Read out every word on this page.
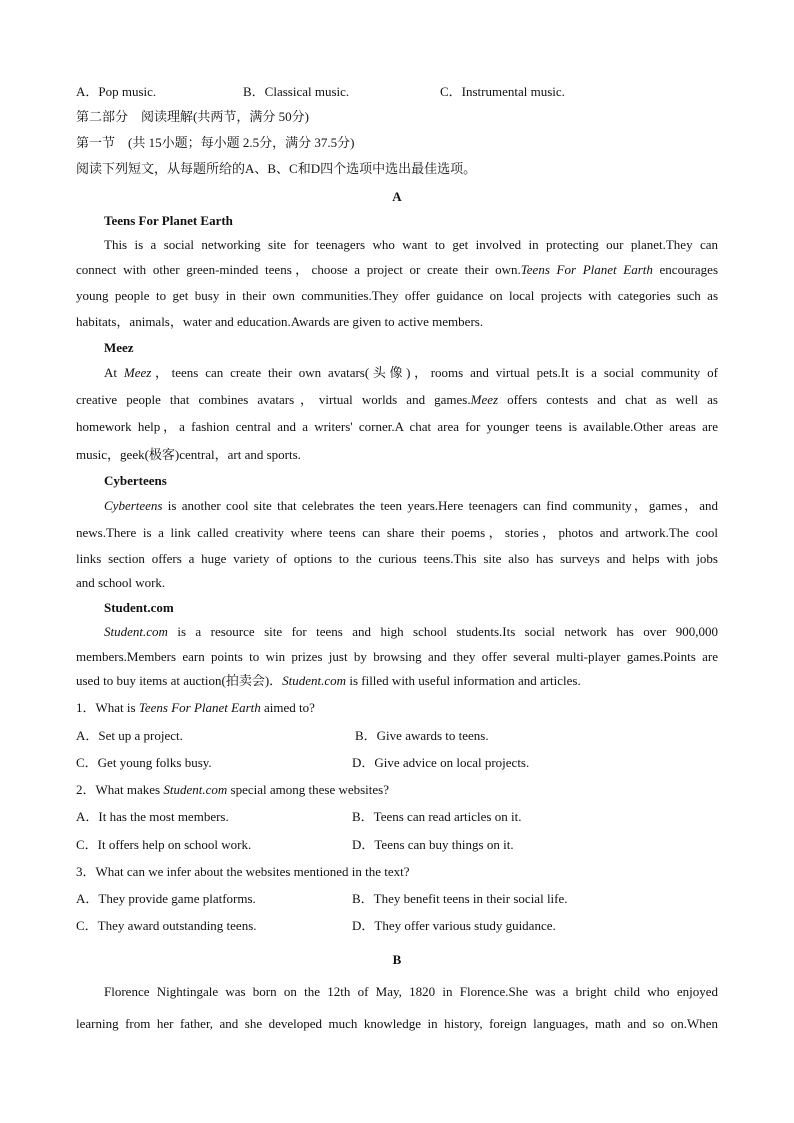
A．Pop music.	B．Classical music.	C．Instrumental music.
第二部分　阅读理解(共两节，满分 50分)
第一节　(共 15小题；每小题 2.5分，满分 37.5分)
阅读下列短文，从每题所给的A、B、C和D四个选项中选出最佳选项。
A
Teens For Planet Earth
This is a social networking site for teenagers who want to get involved in protecting our planet.They can
connect with other green-minded teens，choose a project or create their own.Teens For Planet Earth encourages
young people to get busy in their own communities.They offer guidance on local projects with categories such as
habitats，animals，water and education.Awards are given to active members.
Meez
At Meez，teens can create their own avatars(头像)，rooms and virtual pets.It is a social community of
creative people that combines avatars，virtual worlds and games.Meez offers contests and chat as well as
homework help，a fashion central and a writers' corner.A chat area for younger teens is available.Other areas are
music，geek(极客)central，art and sports.
Cyberteens
Cyberteens is another cool site that celebrates the teen years.Here teenagers can find community，games，and
news.There is a link called creativity where teens can share their poems，stories，photos and artwork.The cool
links section offers a huge variety of options to the curious teens.This site also has surveys and helps with jobs
and school work.
Student.com
Student.com is a resource site for teens and high school students.Its social network has over 900,000
members.Members earn points to win prizes just by browsing and they offer several multi-player games.Points are
used to buy items at auction(拍卖会)．Student.com is filled with useful information and articles.
1．What is Teens For Planet Earth aimed to?
A．Set up a project.	B．Give awards to teens.
C．Get young folks busy.	D．Give advice on local projects.
2．What makes Student.com special among these websites?
A．It has the most members.	B．Teens can read articles on it.
C．It offers help on school work.	D．Teens can buy things on it.
3．What can we infer about the websites mentioned in the text?
A．They provide game platforms.	B．They benefit teens in their social life.
C．They award outstanding teens.	D．They offer various study guidance.
B
Florence Nightingale was born on the 12th of May, 1820 in Florence.She was a bright child who enjoyed
learning from her father, and she developed much knowledge in history, foreign languages, math and so on.When
